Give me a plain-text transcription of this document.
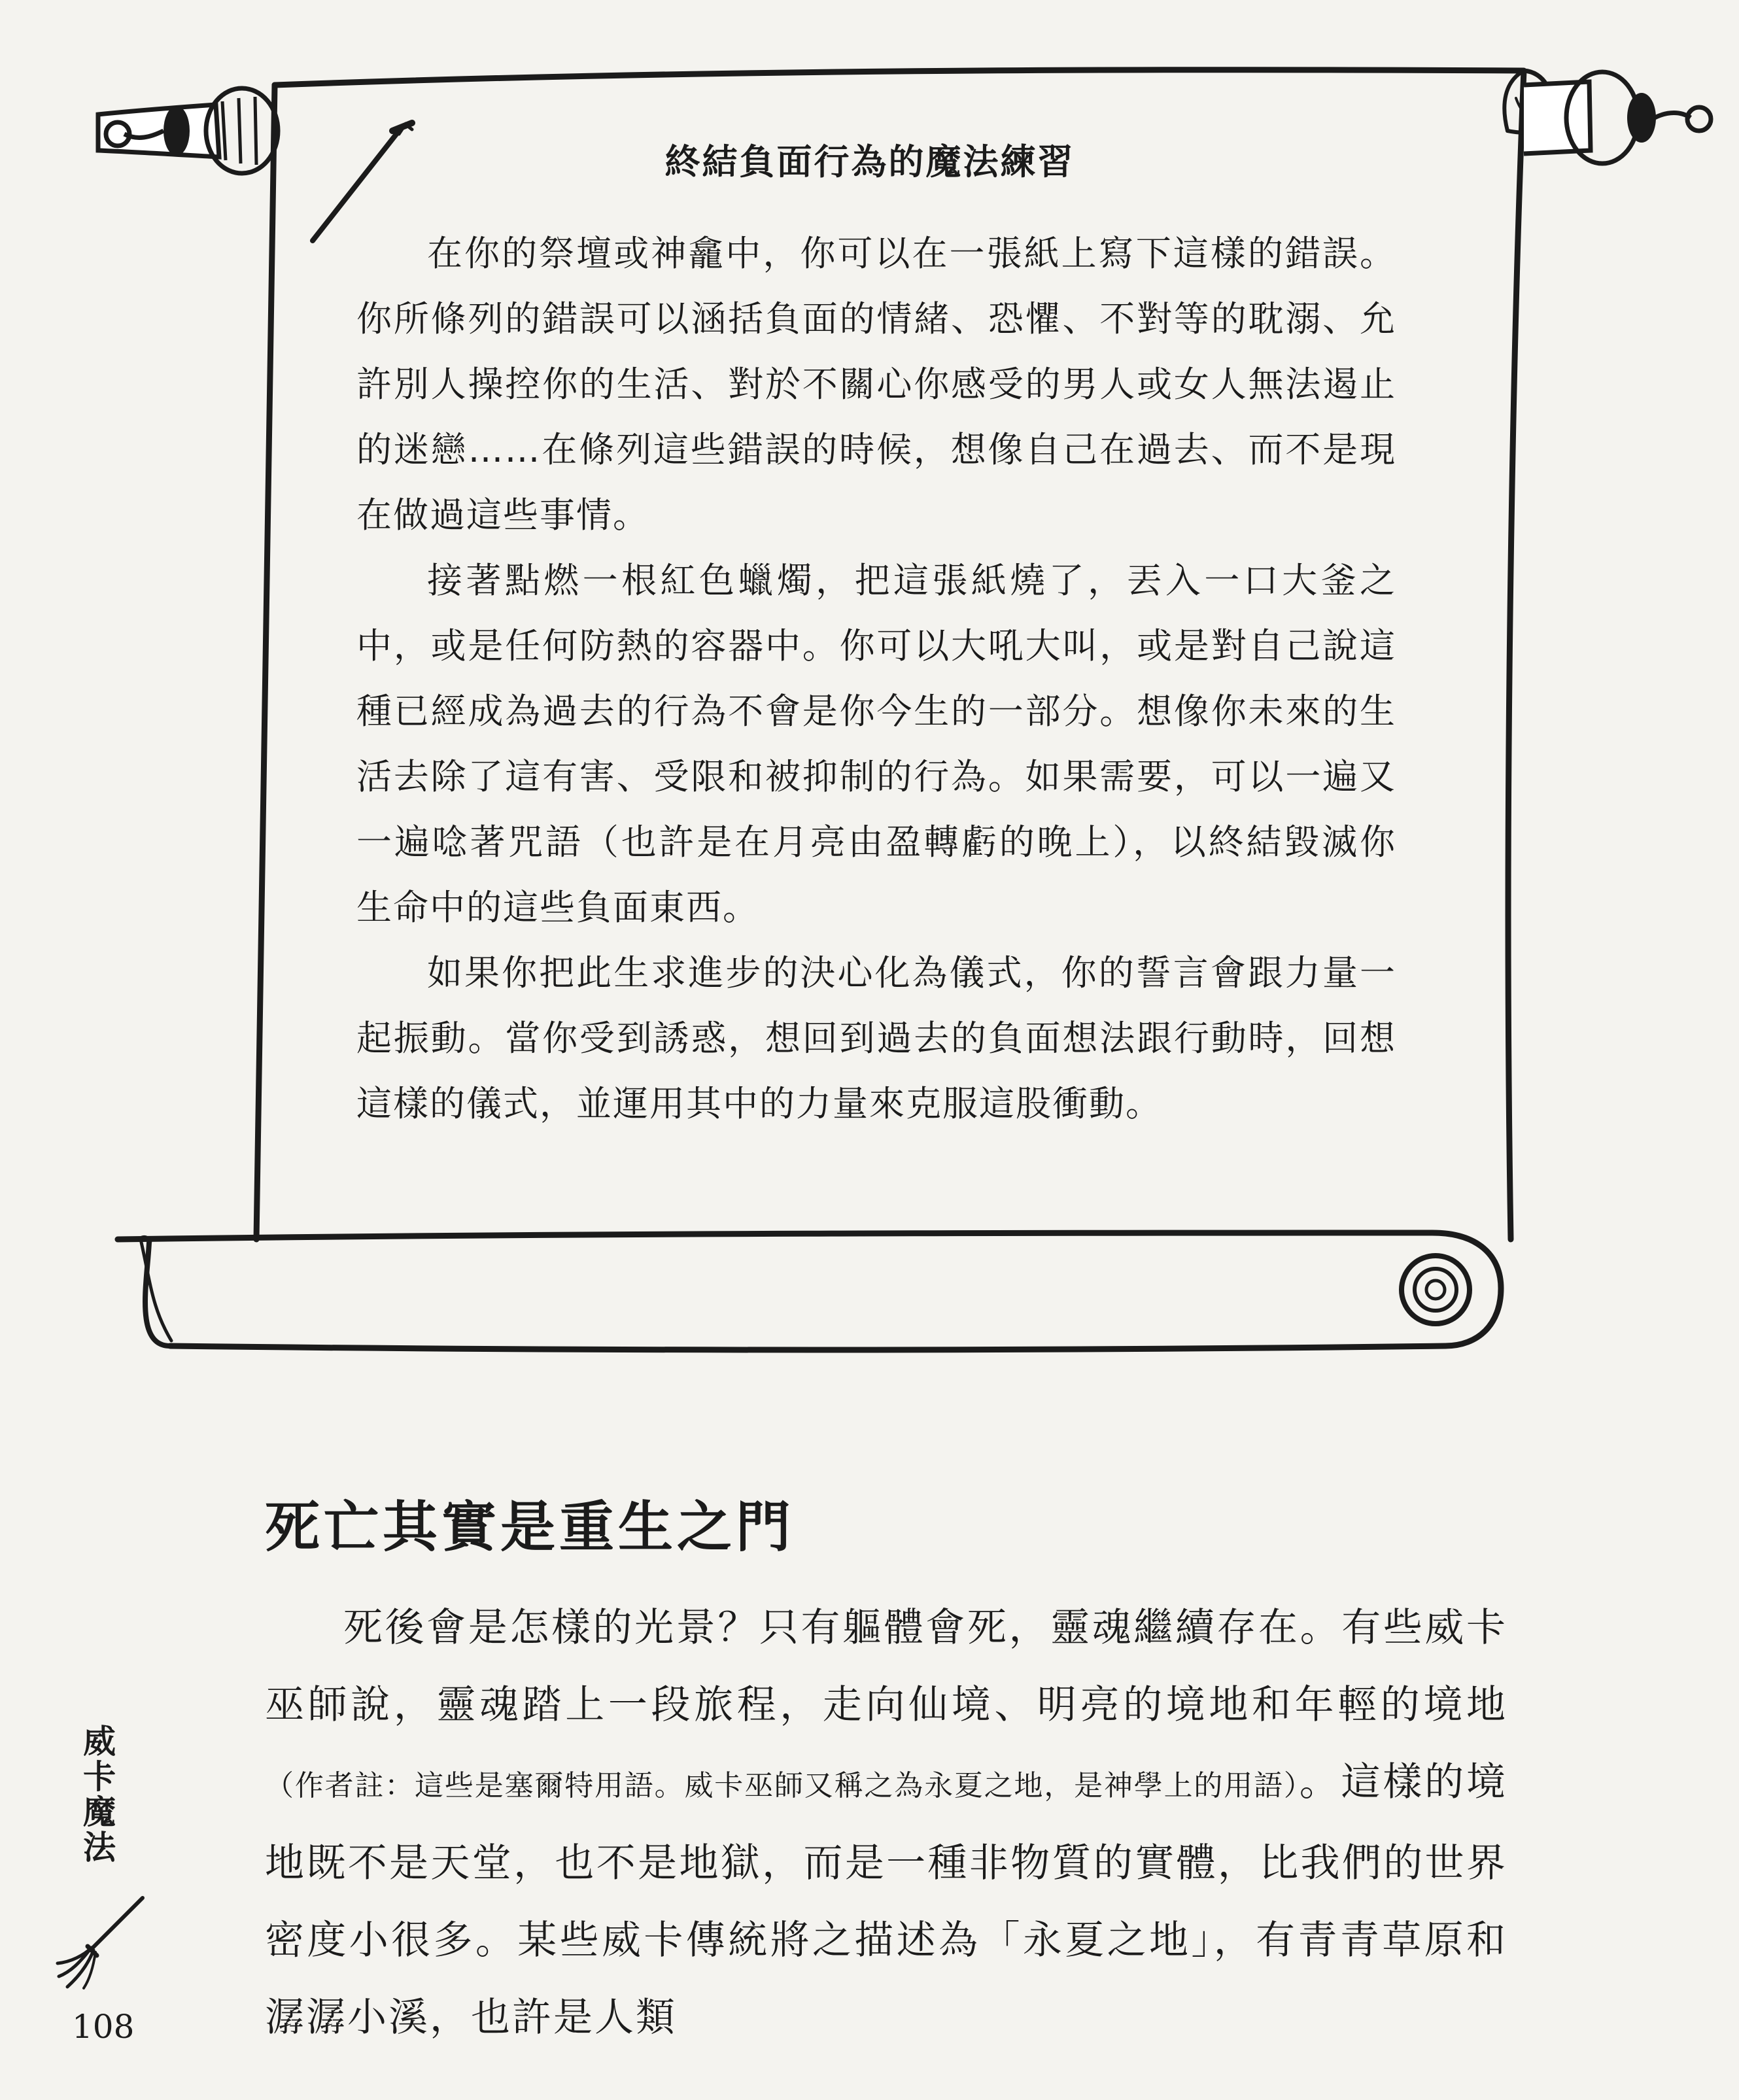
終結負面行為的魔法練習

在你的祭壇或神龕中，你可以在一張紙上寫下這樣的錯誤。你所條列的錯誤可以涵括負面的情緒、恐懼、不對等的耽溺、允許別人操控你的生活、對於不關心你感受的男人或女人無法遏止的迷戀……在條列這些錯誤的時候，想像自己在過去、而不是現在做過這些事情。

接著點燃一根紅色蠟燭，把這張紙燒了，丟入一口大釜之中，或是任何防熱的容器中。你可以大吼大叫，或是對自己說這種已經成為過去的行為不會是你今生的一部分。想像你未來的生活去除了這有害、受限和被抑制的行為。如果需要，可以一遍又一遍唸著咒語（也許是在月亮由盈轉虧的晚上），以終結毀滅你生命中的這些負面東西。

如果你把此生求進步的決心化為儀式，你的誓言會跟力量一起振動。當你受到誘惑，想回到過去的負面想法跟行動時，回想這樣的儀式，並運用其中的力量來克服這股衝動。

死亡其實是重生之門

死後會是怎樣的光景？只有軀體會死，靈魂繼續存在。有些威卡巫師說，靈魂踏上一段旅程，走向仙境、明亮的境地和年輕的境地（作者註：這些是塞爾特用語。威卡巫師又稱之為永夏之地，是神學上的用語）。這樣的境地既不是天堂，也不是地獄，而是一種非物質的實體，比我們的世界密度小很多。某些威卡傳統將之描述為「永夏之地」，有青青草原和潺潺小溪，也許是人類

威卡魔法
108
